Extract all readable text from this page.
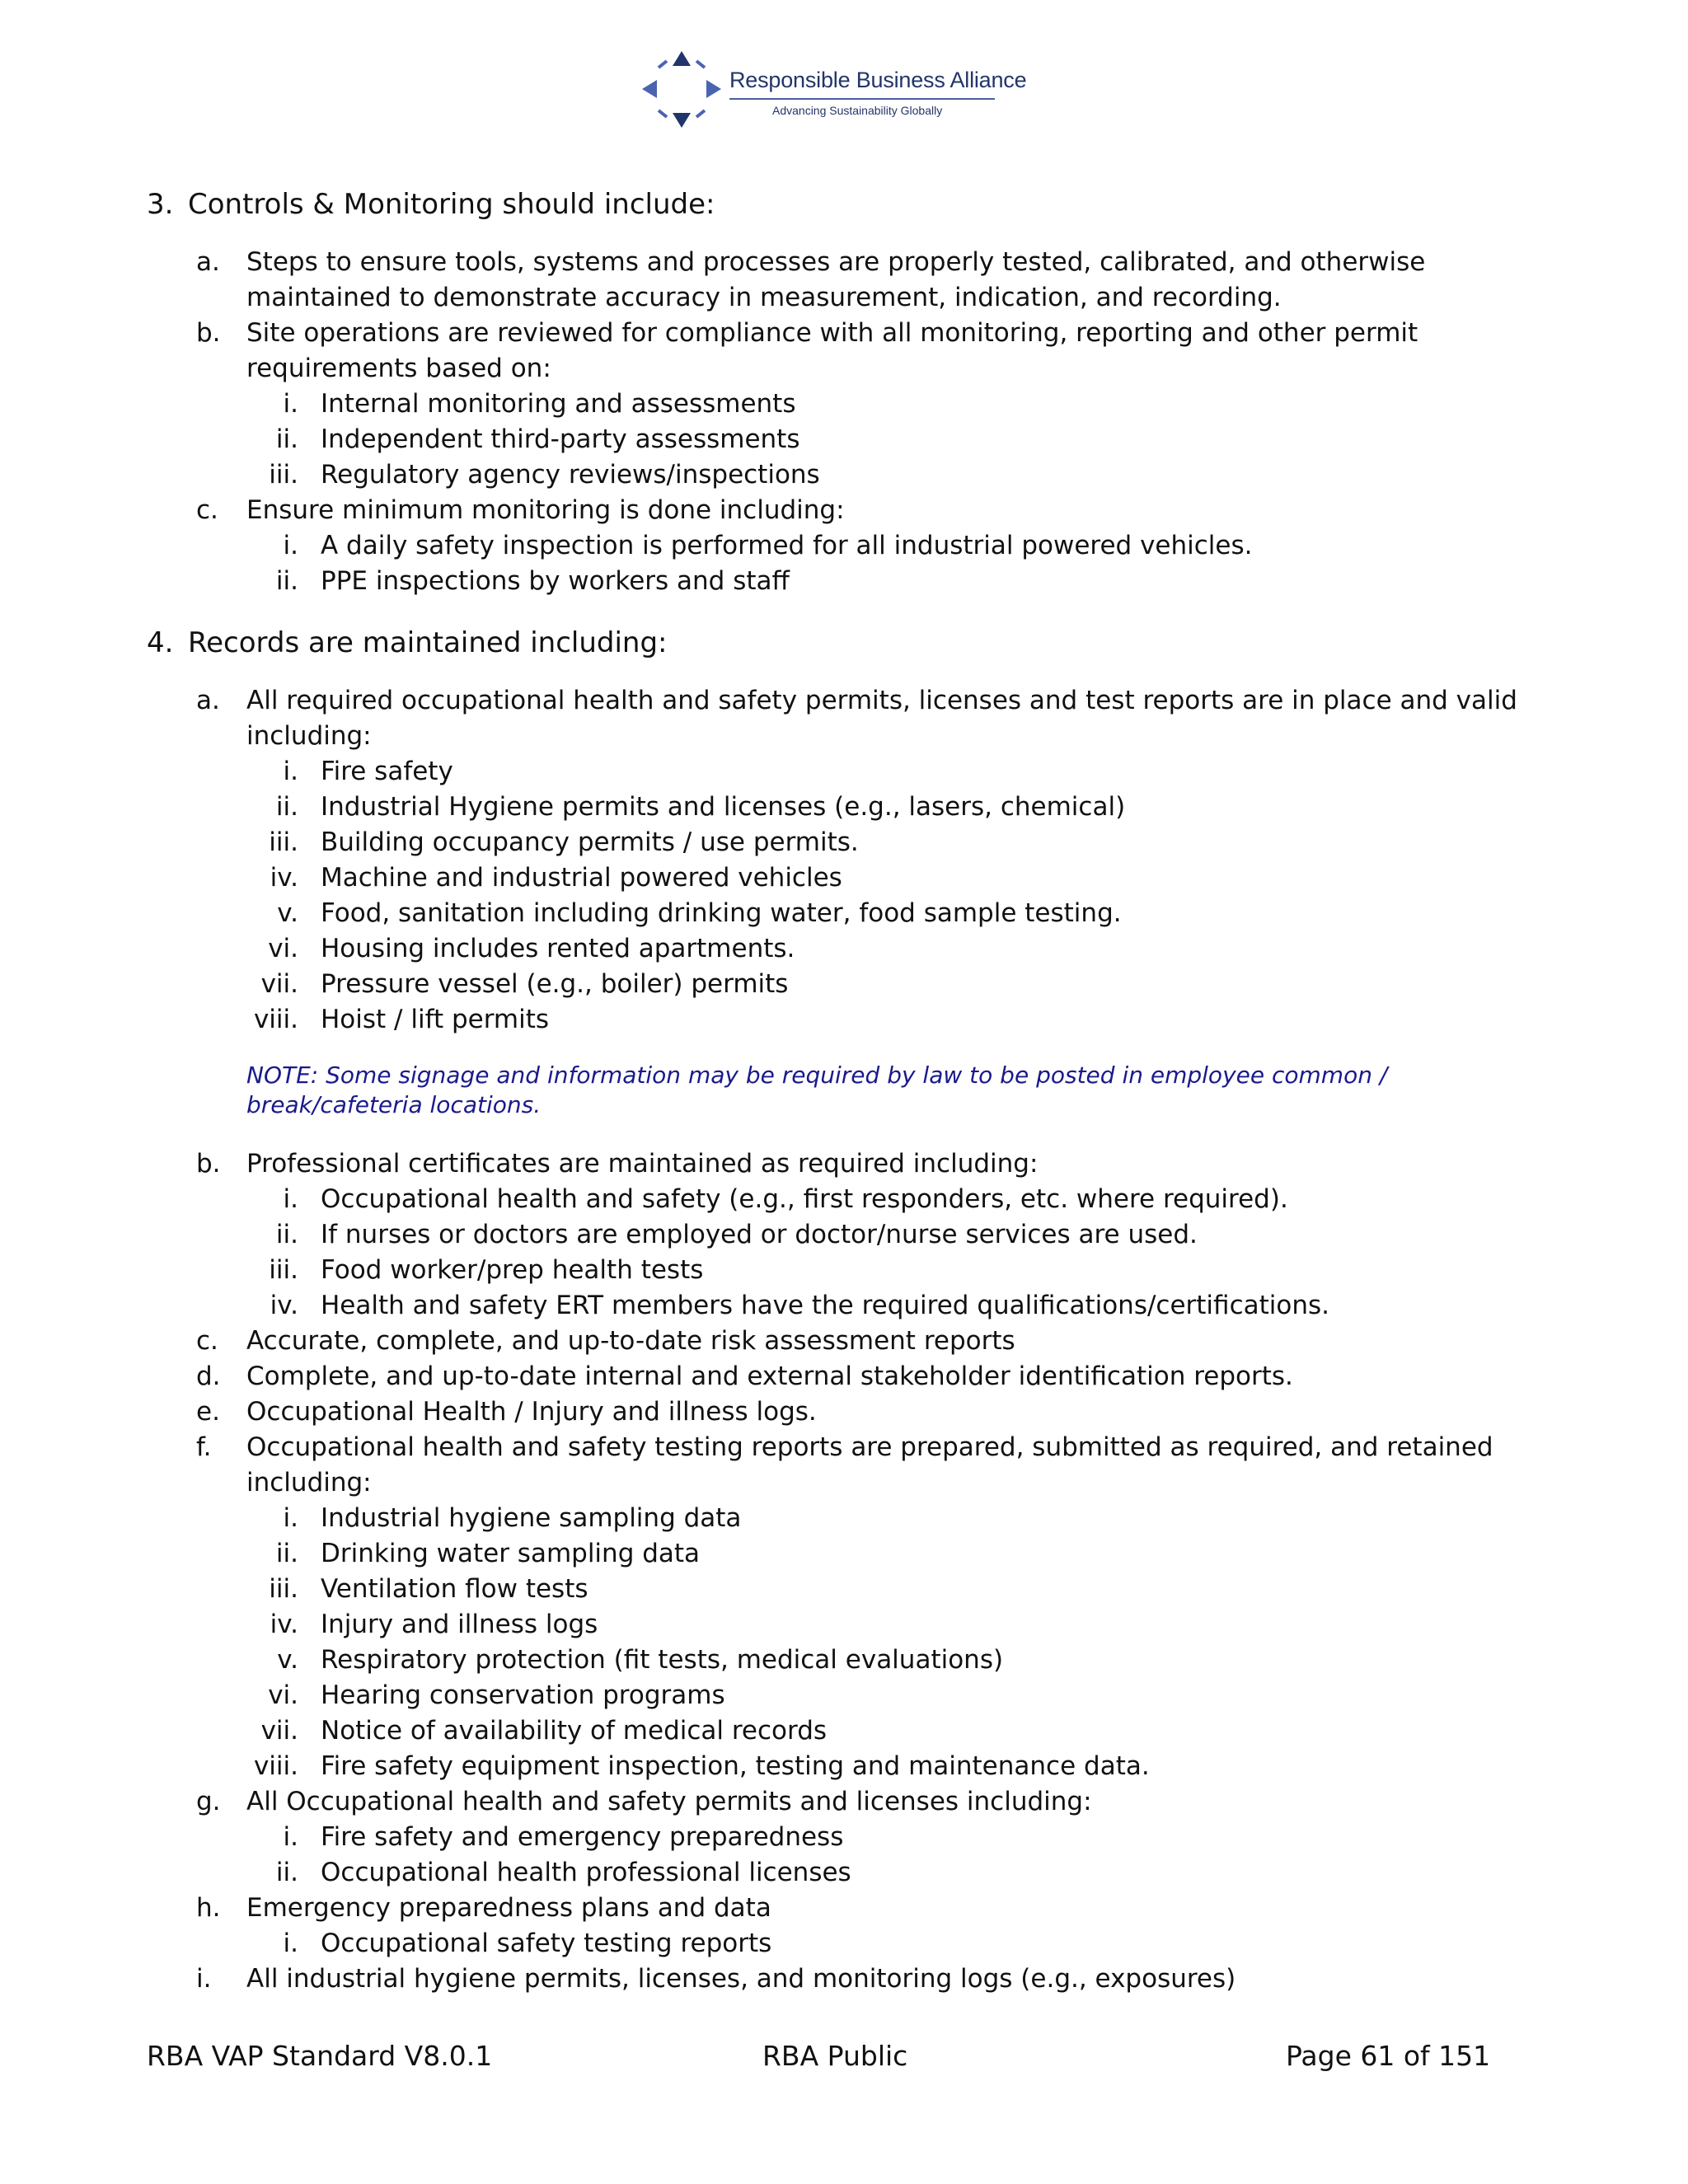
Responsible Business Alliance
Advancing Sustainability Globally
3. Controls & Monitoring should include:
a. Steps to ensure tools, systems and processes are properly tested, calibrated, and otherwise
maintained to demonstrate accuracy in measurement, indication, and recording.
b. Site operations are reviewed for compliance with all monitoring, reporting and other permit
requirements based on:
i. Internal monitoring and assessments
ii. Independent third-party assessments
iii. Regulatory agency reviews/inspections
c. Ensure minimum monitoring is done including:
i. A daily safety inspection is performed for all industrial powered vehicles.
ii. PPE inspections by workers and staff
4. Records are maintained including:
a. All required occupational health and safety permits, licenses and test reports are in place and valid
including:
i. Fire safety
ii. Industrial Hygiene permits and licenses (e.g., lasers, chemical)
iii. Building occupancy permits / use permits.
iv. Machine and industrial powered vehicles
v. Food, sanitation including drinking water, food sample testing.
vi. Housing includes rented apartments.
vii. Pressure vessel (e.g., boiler) permits
viii. Hoist / lift permits
NOTE: Some signage and information may be required by law to be posted in employee common /
break/cafeteria locations.
b. Professional certificates are maintained as required including:
i. Occupational health and safety (e.g., first responders, etc. where required).
ii. If nurses or doctors are employed or doctor/nurse services are used.
iii. Food worker/prep health tests
iv. Health and safety ERT members have the required qualifications/certifications.
c. Accurate, complete, and up-to-date risk assessment reports
d. Complete, and up-to-date internal and external stakeholder identification reports.
e. Occupational Health / Injury and illness logs.
f.	Occupational health and safety testing reports are prepared, submitted as required, and retained
including:
i. Industrial hygiene sampling data
ii. Drinking water sampling data
iii. Ventilation flow tests
iv. Injury and illness logs
v. Respiratory protection (fit tests, medical evaluations)
vi. Hearing conservation programs
vii. Notice of availability of medical records
viii. Fire safety equipment inspection, testing and maintenance data.
g. All Occupational health and safety permits and licenses including:
i. Fire safety and emergency preparedness
ii. Occupational health professional licenses
h. Emergency preparedness plans and data
i. Occupational safety testing reports
i.	All industrial hygiene permits, licenses, and monitoring logs (e.g., exposures)
RBA VAP Standard V8.0.1	RBA Public	Page 61 of 151
